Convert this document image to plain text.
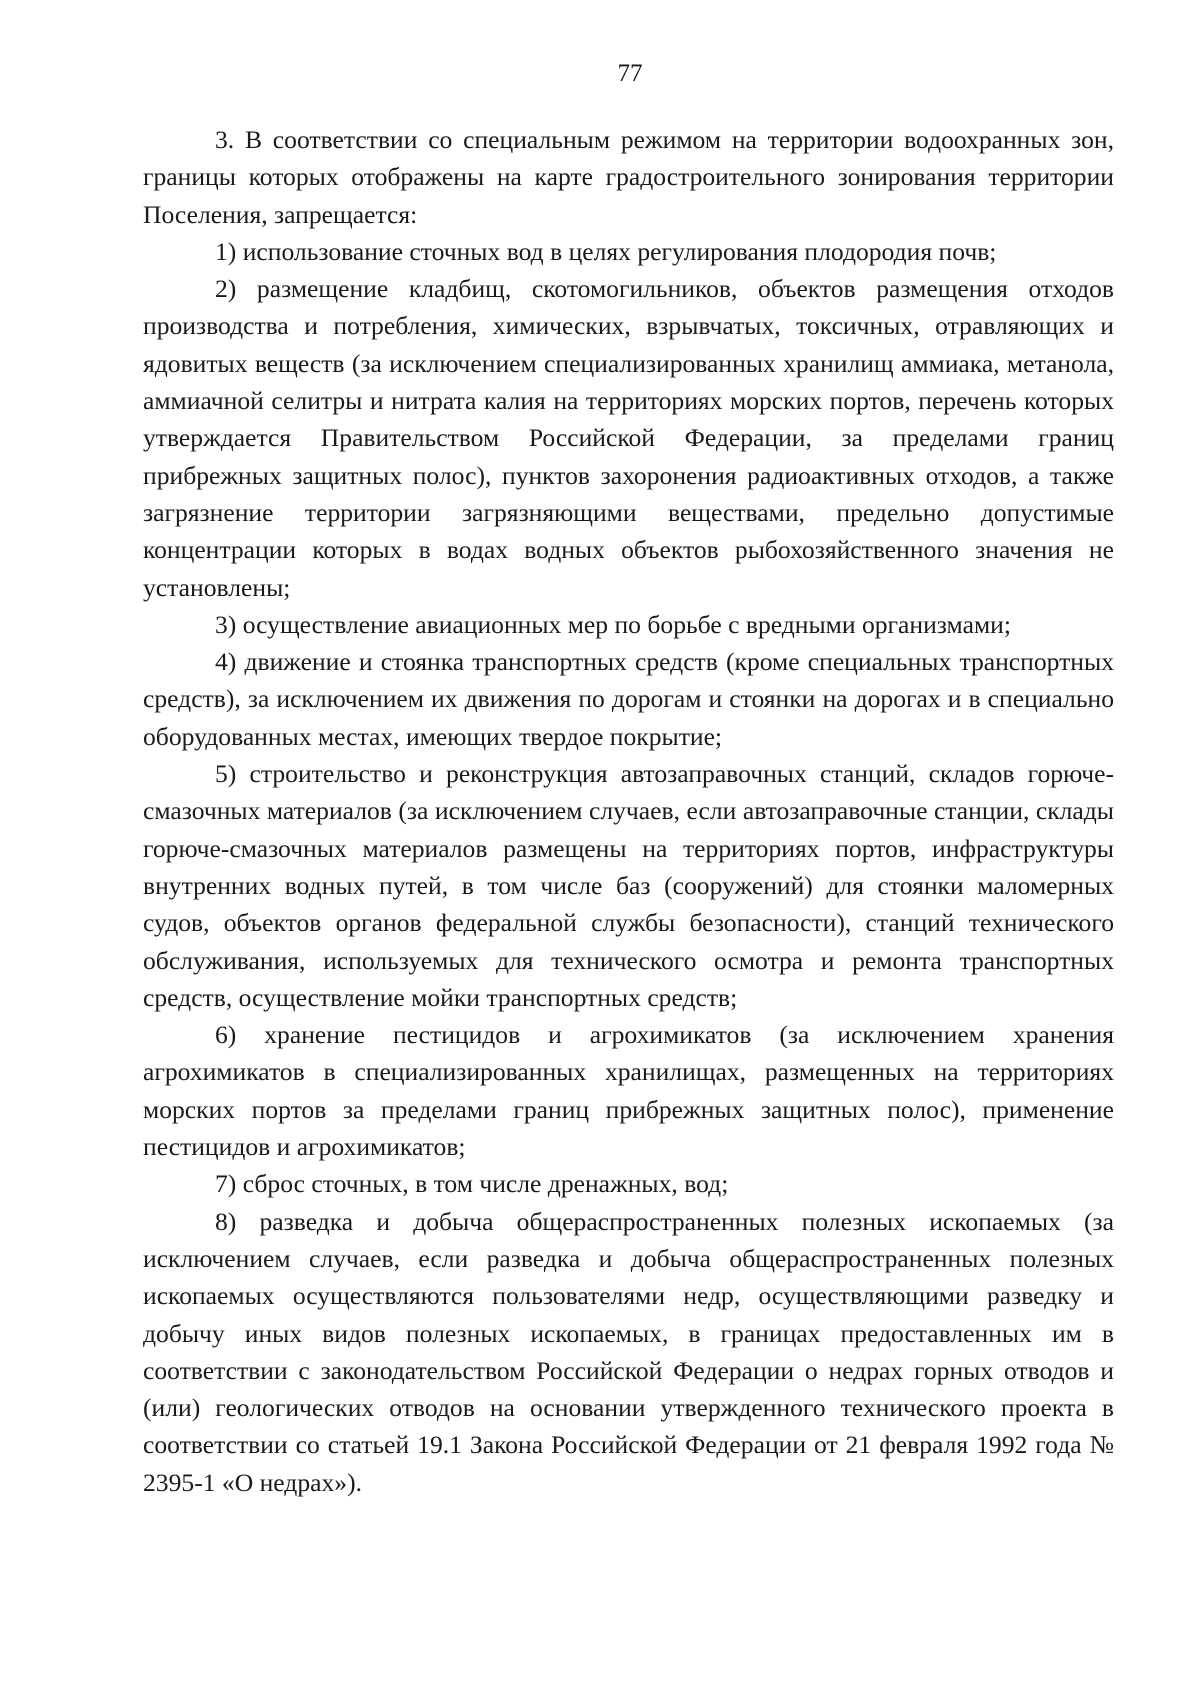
77

3. В соответствии со специальным режимом на территории водоохранных зон, границы которых отображены на карте градостроительного зонирования территории Поселения, запрещается:

1) использование сточных вод в целях регулирования плодородия почв;

2) размещение кладбищ, скотомогильников, объектов размещения отходов производства и потребления, химических, взрывчатых, токсичных, отравляющих и ядовитых веществ (за исключением специализированных хранилищ аммиака, метанола, аммиачной селитры и нитрата калия на территориях морских портов, перечень которых утверждается Правительством Российской Федерации, за пределами границ прибрежных защитных полос), пунктов захоронения радиоактивных отходов, а также загрязнение территории загрязняющими веществами, предельно допустимые концентрации которых в водах водных объектов рыбохозяйственного значения не установлены;

3) осуществление авиационных мер по борьбе с вредными организмами;

4) движение и стоянка транспортных средств (кроме специальных транспортных средств), за исключением их движения по дорогам и стоянки на дорогах и в специально оборудованных местах, имеющих твердое покрытие;

5) строительство и реконструкция автозаправочных станций, складов горюче-смазочных материалов (за исключением случаев, если автозаправочные станции, склады горюче-смазочных материалов размещены на территориях портов, инфраструктуры внутренних водных путей, в том числе баз (сооружений) для стоянки маломерных судов, объектов органов федеральной службы безопасности), станций технического обслуживания, используемых для технического осмотра и ремонта транспортных средств, осуществление мойки транспортных средств;

6) хранение пестицидов и агрохимикатов (за исключением хранения агрохимикатов в специализированных хранилищах, размещенных на территориях морских портов за пределами границ прибрежных защитных полос), применение пестицидов и агрохимикатов;

7) сброс сточных, в том числе дренажных, вод;

8) разведка и добыча общераспространенных полезных ископаемых (за исключением случаев, если разведка и добыча общераспространенных полезных ископаемых осуществляются пользователями недр, осуществляющими разведку и добычу иных видов полезных ископаемых, в границах предоставленных им в соответствии с законодательством Российской Федерации о недрах горных отводов и (или) геологических отводов на основании утвержденного технического проекта в соответствии со статьей 19.1 Закона Российской Федерации от 21 февраля 1992 года № 2395-1 «О недрах»).
